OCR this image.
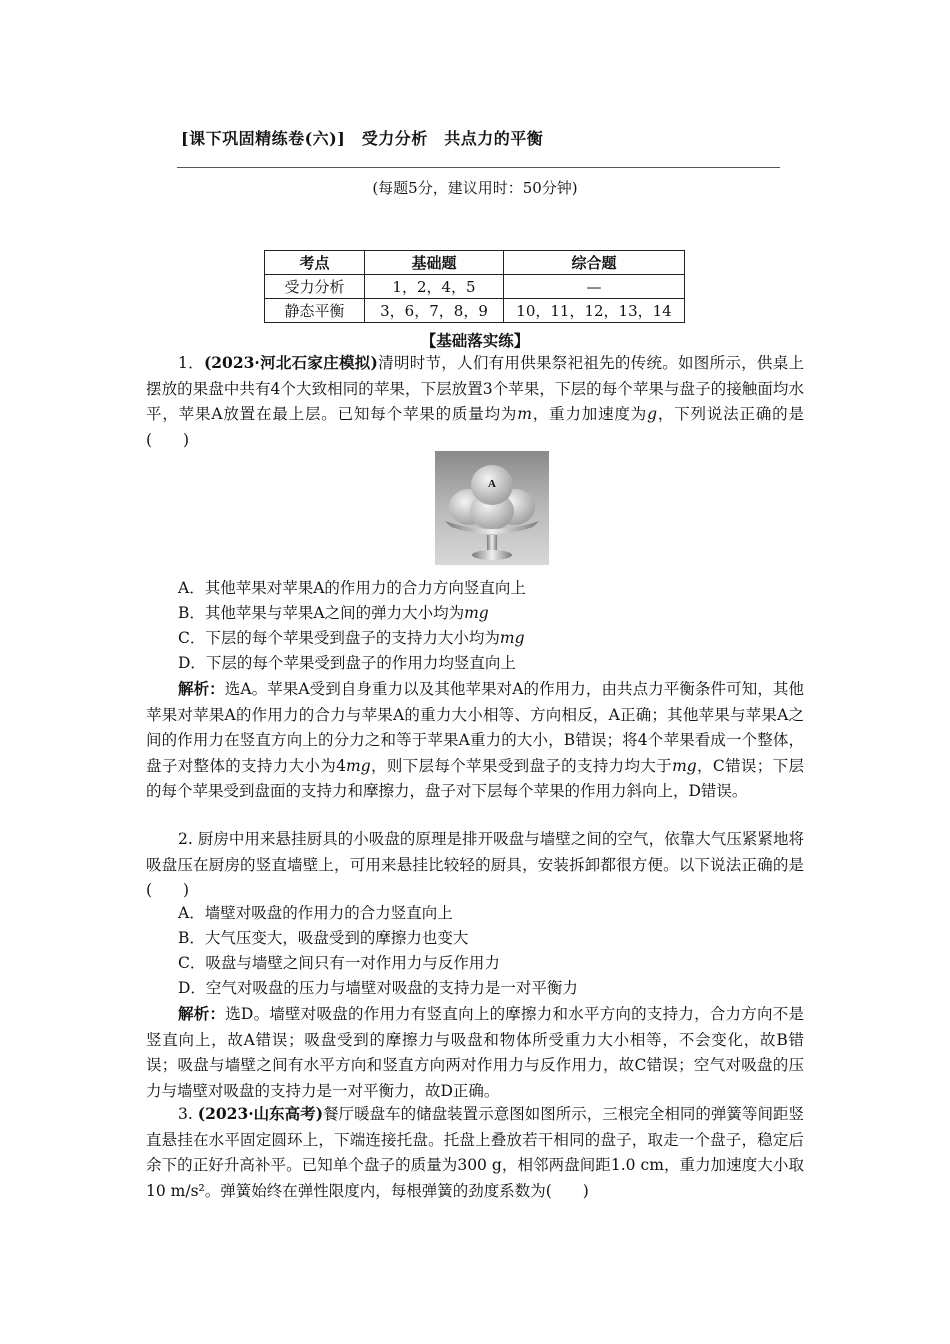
[课下巩固精练卷(六)]　受力分析　共点力的平衡
(每题5分，建议用时：50分钟)
考点	基础题	综合题
受力分析	1，2，4，5	—
静态平衡	3，6，7，8，9	10，11，12，13，14
【基础落实练】
1．(2023·河北石家庄模拟)清明时节，人们有用供果祭祀祖先的传统。如图所示，供桌上摆放的果盘中共有4个大致相同的苹果，下层放置3个苹果，下层的每个苹果与盘子的接触面均水平，苹果A放置在最上层。已知每个苹果的质量均为m，重力加速度为g，下列说法正确的是(　　)
A
A．其他苹果对苹果A的作用力的合力方向竖直向上
B．其他苹果与苹果A之间的弹力大小均为mg
C．下层的每个苹果受到盘子的支持力大小均为mg
D．下层的每个苹果受到盘子的作用力均竖直向上
解析：选A。苹果A受到自身重力以及其他苹果对A的作用力，由共点力平衡条件可知，其他苹果对苹果A的作用力的合力与苹果A的重力大小相等、方向相反，A正确；其他苹果与苹果A之间的作用力在竖直方向上的分力之和等于苹果A重力的大小，B错误；将4个苹果看成一个整体，盘子对整体的支持力大小为4mg，则下层每个苹果受到盘子的支持力均大于mg，C错误；下层的每个苹果受到盘面的支持力和摩擦力，盘子对下层每个苹果的作用力斜向上，D错误。
2. 厨房中用来悬挂厨具的小吸盘的原理是排开吸盘与墙壁之间的空气，依靠大气压紧紧地将吸盘压在厨房的竖直墙壁上，可用来悬挂比较轻的厨具，安装拆卸都很方便。以下说法正确的是(　　)
A．墙壁对吸盘的作用力的合力竖直向上
B．大气压变大，吸盘受到的摩擦力也变大
C．吸盘与墙壁之间只有一对作用力与反作用力
D．空气对吸盘的压力与墙壁对吸盘的支持力是一对平衡力
解析：选D。墙壁对吸盘的作用力有竖直向上的摩擦力和水平方向的支持力，合力方向不是竖直向上，故A错误；吸盘受到的摩擦力与吸盘和物体所受重力大小相等，不会变化，故B错误；吸盘与墙壁之间有水平方向和竖直方向两对作用力与反作用力，故C错误；空气对吸盘的压力与墙壁对吸盘的支持力是一对平衡力，故D正确。
3. (2023·山东高考)餐厅暖盘车的储盘装置示意图如图所示，三根完全相同的弹簧等间距竖直悬挂在水平固定圆环上，下端连接托盘。托盘上叠放若干相同的盘子，取走一个盘子，稳定后余下的正好升高补平。已知单个盘子的质量为300 g，相邻两盘间距1.0 cm，重力加速度大小取10 m/s²。弹簧始终在弹性限度内，每根弹簧的劲度系数为(　　)
